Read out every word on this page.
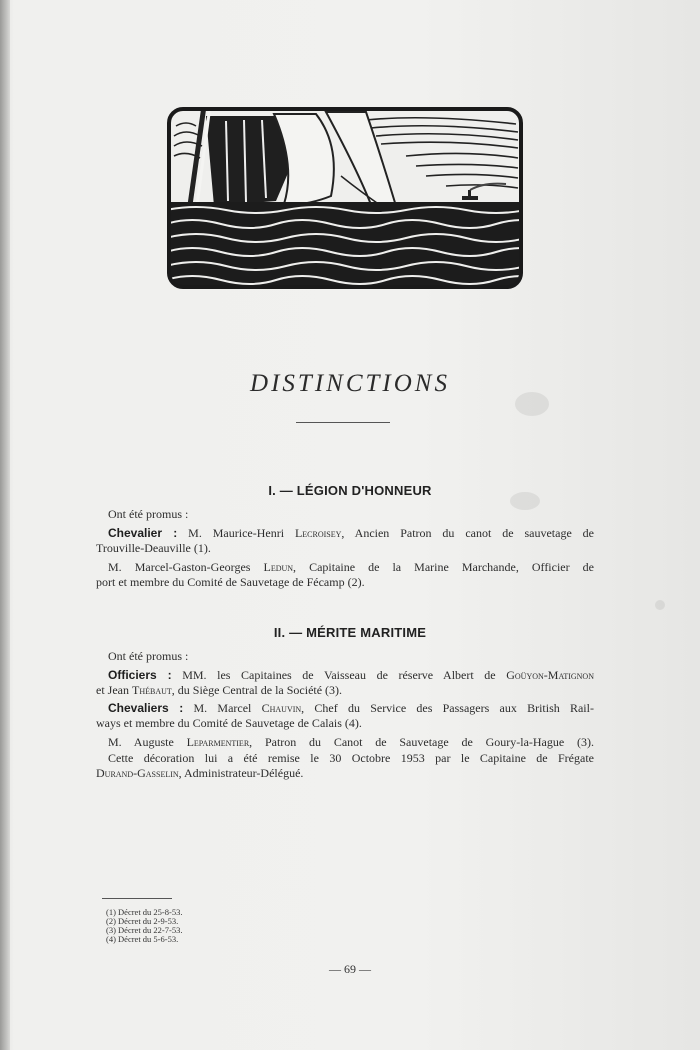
DISTINCTIONS
I. — LÉGION D'HONNEUR
Ont été promus :
Chevalier : M. Maurice-Henri Lecroisey, Ancien Patron du canot de sauvetage de
Trouville-Deauville (1).
M. Marcel-Gaston-Georges Ledun, Capitaine de la Marine Marchande, Officier de
port et membre du Comité de Sauvetage de Fécamp (2).
II. — MÉRITE MARITIME
Ont été promus :
Officiers : MM. les Capitaines de Vaisseau de réserve Albert de Goüyon-Matignon
et Jean Thébaut, du Siège Central de la Société (3).
Chevaliers : M. Marcel Chauvin, Chef du Service des Passagers aux British Rail-
ways et membre du Comité de Sauvetage de Calais (4).
M. Auguste Leparmentier, Patron du Canot de Sauvetage de Goury-la-Hague (3).
Cette décoration lui a été remise le 30 Octobre 1953 par le Capitaine de Frégate
Durand-Gasselin, Administrateur-Délégué.
(1) Décret du 25-8-53.
(2) Décret du 2-9-53.
(3) Décret du 22-7-53.
(4) Décret du 5-6-53.
— 69 —
